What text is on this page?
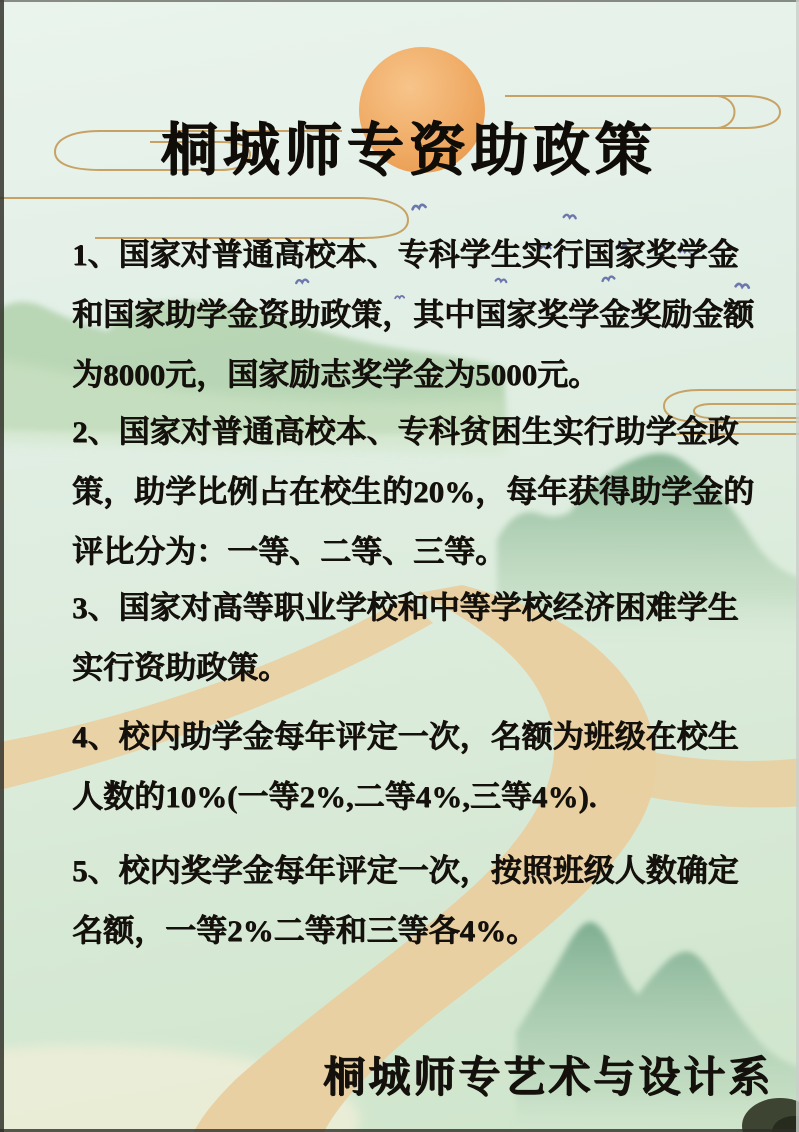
桐城师专资助政策

1、国家对普通高校本、专科学生实行国家奖学金和国家助学金资助政策，其中国家奖学金奖励金额为8000元，国家励志奖学金为5000元。

2、国家对普通高校本、专科贫困生实行助学金政策，助学比例占在校生的20%，每年获得助学金的评比分为：一等、二等、三等。

3、国家对高等职业学校和中等学校经济困难学生实行资助政策。

4、校内助学金每年评定一次，名额为班级在校生人数的10%(一等2%,二等4%,三等4%).

5、校内奖学金每年评定一次，按照班级人数确定名额，一等2%二等和三等各4%。

桐城师专艺术与设计系
